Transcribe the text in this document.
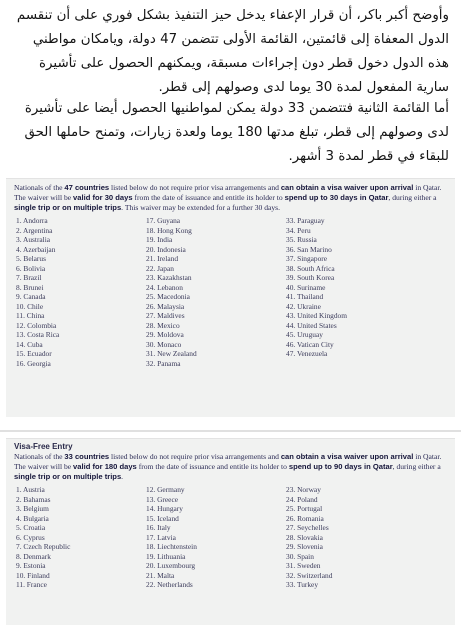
وأوضح أكبر باكر، أن قرار الإعفاء يدخل حيز التنفيذ بشكل فوري على أن تنقسم الدول المعفاة إلى قائمتين، القائمة الأولى تتضمن 47 دولة، ويامكان مواطني هذه الدول دخول قطر دون إجراءات مسبقة، ويمكنهم الحصول على تأشيرة سارية المفعول لمدة 30 يوما لدى وصولهم إلى قطر.

أما القائمة الثانية فتتضمن 33 دولة يمكن لمواطنيها الحصول أيضا على تأشيرة لدى وصولهم إلى قطر، تبلغ مدتها 180 يوما ولعدة زيارات، وتمنح حاملها الحق للبقاء في قطر لمدة 3 أشهر.

Nationals of the 47 countries listed below do not require prior visa arrangements and can obtain a visa waiver upon arrival in Qatar. The waiver will be valid for 30 days from the date of issuance and entitle its holder to spend up to 30 days in Qatar, during either a single trip or on multiple trips. This waiver may be extended for a further 30 days.

1. Andorra
2. Argentina
3. Australia
4. Azerbaijan
5. Belarus
6. Bolivia
7. Brazil
8. Brunei
9. Canada
10. Chile
11. China
12. Colombia
13. Costa Rica
14. Cuba
15. Ecuador
16. Georgia
17. Guyana
18. Hong Kong
19. India
20. Indonesia
21. Ireland
22. Japan
23. Kazakhstan
24. Lebanon
25. Macedonia
26. Malaysia
27. Maldives
28. Mexico
29. Moldova
30. Monaco
31. New Zealand
32. Panama
33. Paraguay
34. Peru
35. Russia
36. San Marino
37. Singapore
38. South Africa
39. South Korea
40. Suriname
41. Thailand
42. Ukraine
43. United Kingdom
44. United States
45. Uruguay
46. Vatican City
47. Venezuela

Visa-Free Entry

Nationals of the 33 countries listed below do not require prior visa arrangements and can obtain a visa waiver upon arrival in Qatar. The waiver will be valid for 180 days from the date of issuance and entitle its holder to spend up to 90 days in Qatar, during either a single trip or on multiple trips.

1. Austria
2. Bahamas
3. Belgium
4. Bulgaria
5. Croatia
6. Cyprus
7. Czech Republic
8. Denmark
9. Estonia
10. Finland
11. France
12. Germany
13. Greece
14. Hungary
15. Iceland
16. Italy
17. Latvia
18. Liechtenstein
19. Lithuania
20. Luxembourg
21. Malta
22. Netherlands
23. Norway
24. Poland
25. Portugal
26. Romania
27. Seychelles
28. Slovakia
29. Slovenia
30. Spain
31. Sweden
32. Switzerland
33. Turkey
